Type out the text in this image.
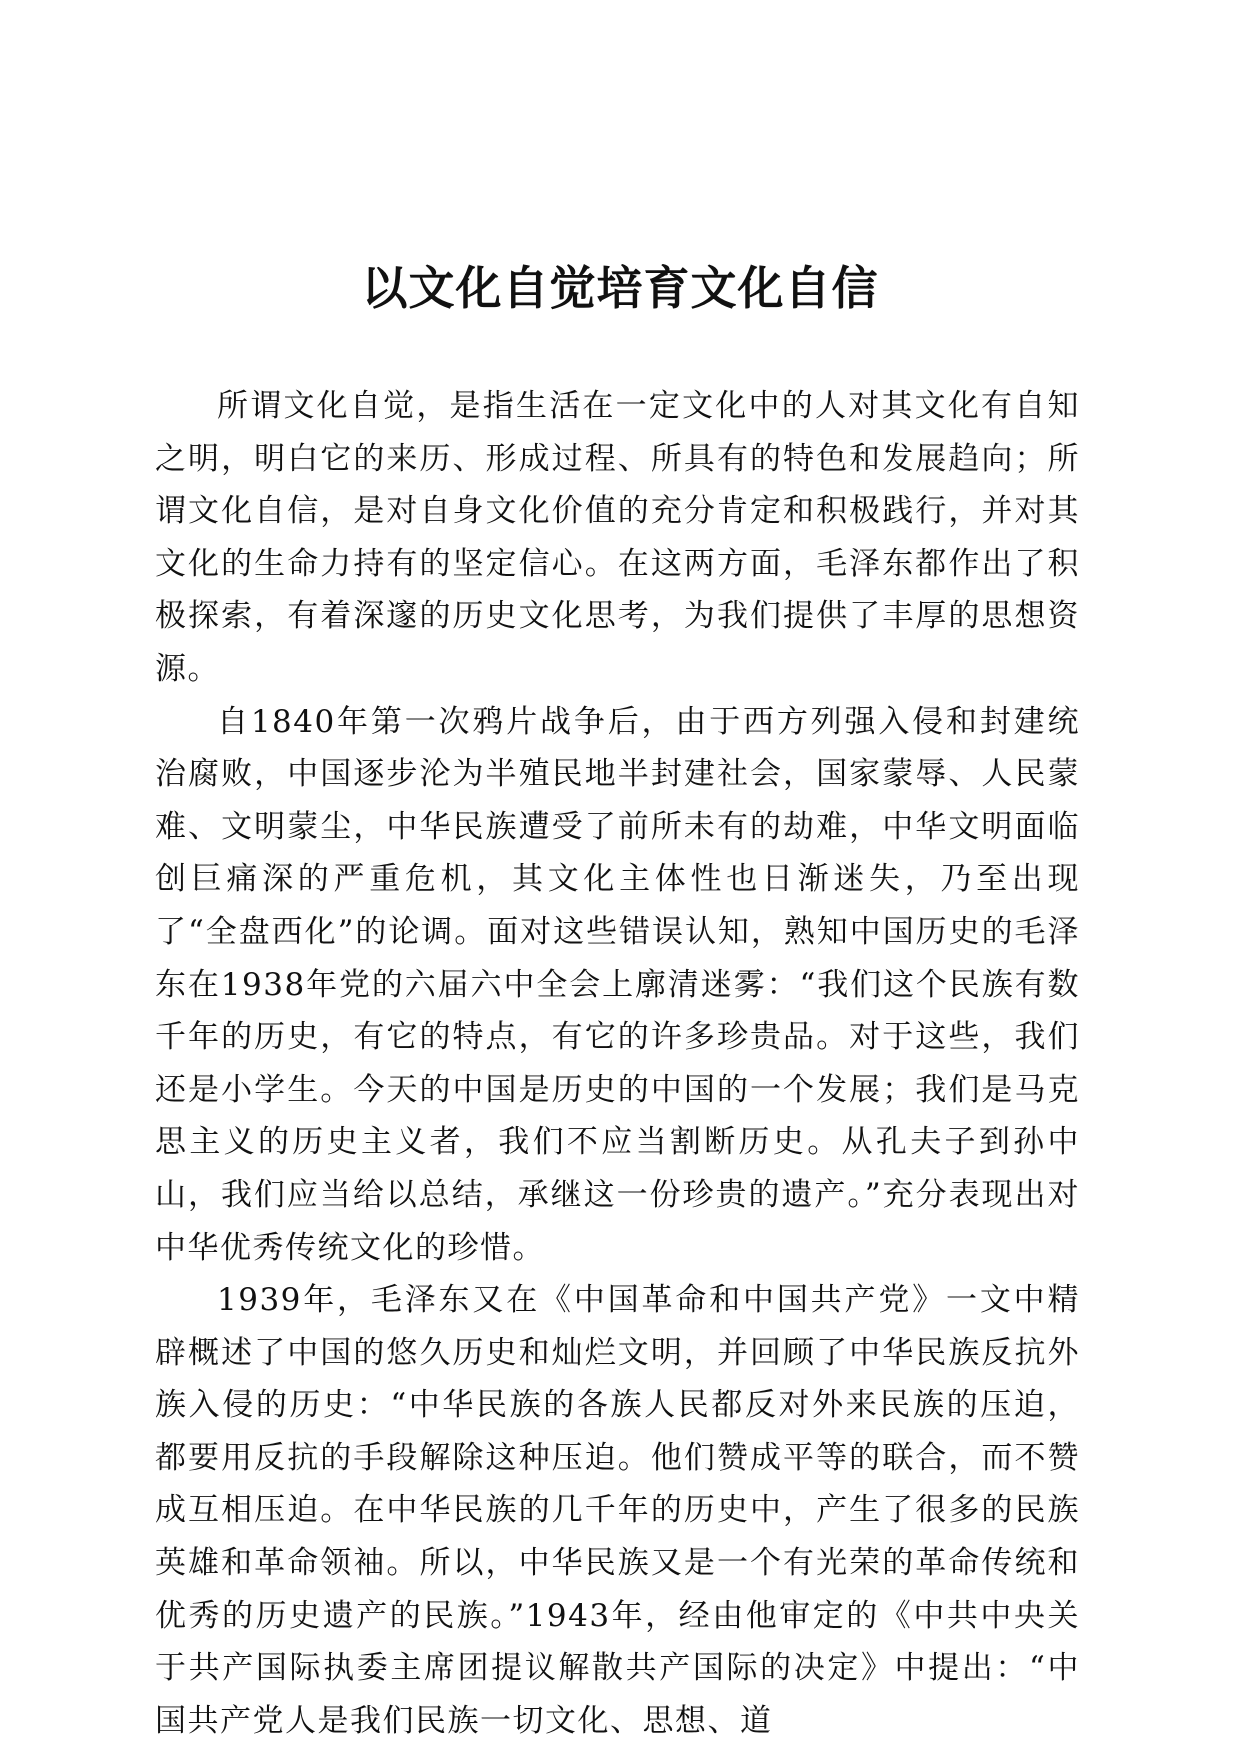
以文化自觉培育文化自信

所谓文化自觉，是指生活在一定文化中的人对其文化有自知之明，明白它的来历、形成过程、所具有的特色和发展趋向；所谓文化自信，是对自身文化价值的充分肯定和积极践行，并对其文化的生命力持有的坚定信心。在这两方面，毛泽东都作出了积极探索，有着深邃的历史文化思考，为我们提供了丰厚的思想资源。

自1840年第一次鸦片战争后，由于西方列强入侵和封建统治腐败，中国逐步沦为半殖民地半封建社会，国家蒙辱、人民蒙难、文明蒙尘，中华民族遭受了前所未有的劫难，中华文明面临创巨痛深的严重危机，其文化主体性也日渐迷失，乃至出现了“全盘西化”的论调。面对这些错误认知，熟知中国历史的毛泽东在1938年党的六届六中全会上廓清迷雾：“我们这个民族有数千年的历史，有它的特点，有它的许多珍贵品。对于这些，我们还是小学生。今天的中国是历史的中国的一个发展；我们是马克思主义的历史主义者，我们不应当割断历史。从孔夫子到孙中山，我们应当给以总结，承继这一份珍贵的遗产。”充分表现出对中华优秀传统文化的珍惜。

1939年，毛泽东又在《中国革命和中国共产党》一文中精辟概述了中国的悠久历史和灿烂文明，并回顾了中华民族反抗外族入侵的历史：“中华民族的各族人民都反对外来民族的压迫，都要用反抗的手段解除这种压迫。他们赞成平等的联合，而不赞成互相压迫。在中华民族的几千年的历史中，产生了很多的民族英雄和革命领袖。所以，中华民族又是一个有光荣的革命传统和优秀的历史遗产的民族。”1943年，经由他审定的《中共中央关于共产国际执委主席团提议解散共产国际的决定》中提出：“中国共产党人是我们民族一切文化、思想、道
